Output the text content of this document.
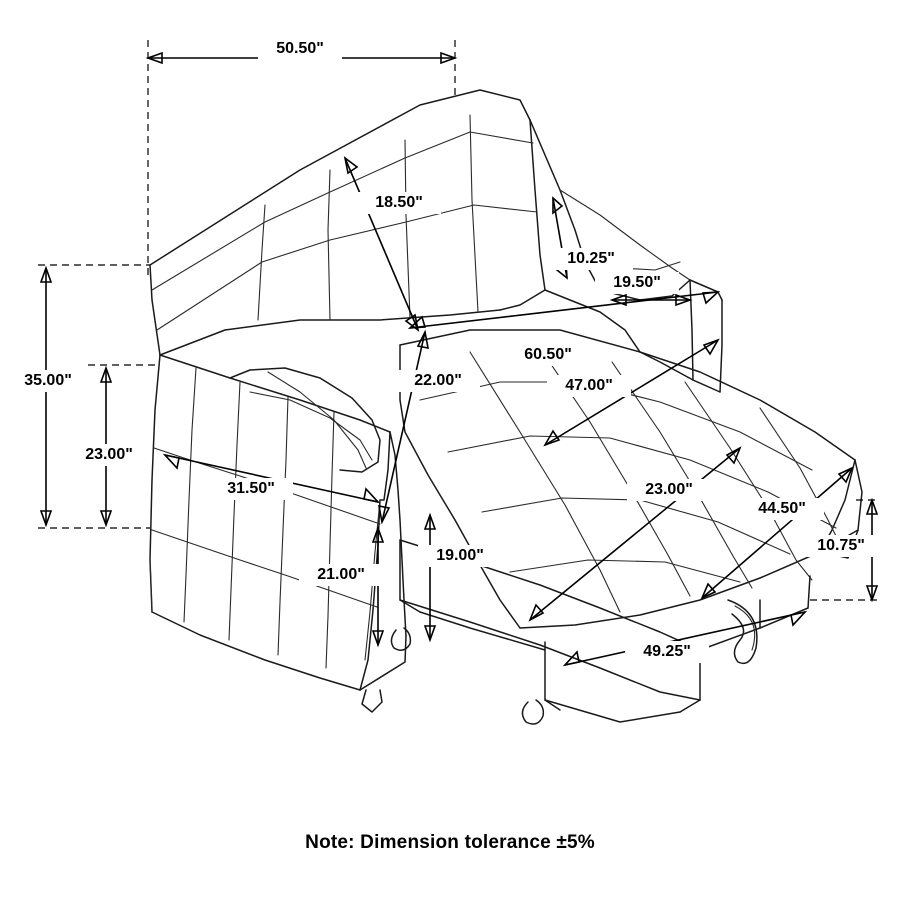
50.50"
18.50"
10.25"
19.50"
35.00"
60.50"
22.00"	47.00"
23.00"
31.50"	23.00"
44.50"
10.75"
19.00"
21.00"
49.25"
Note: Dimension tolerance ±5%
